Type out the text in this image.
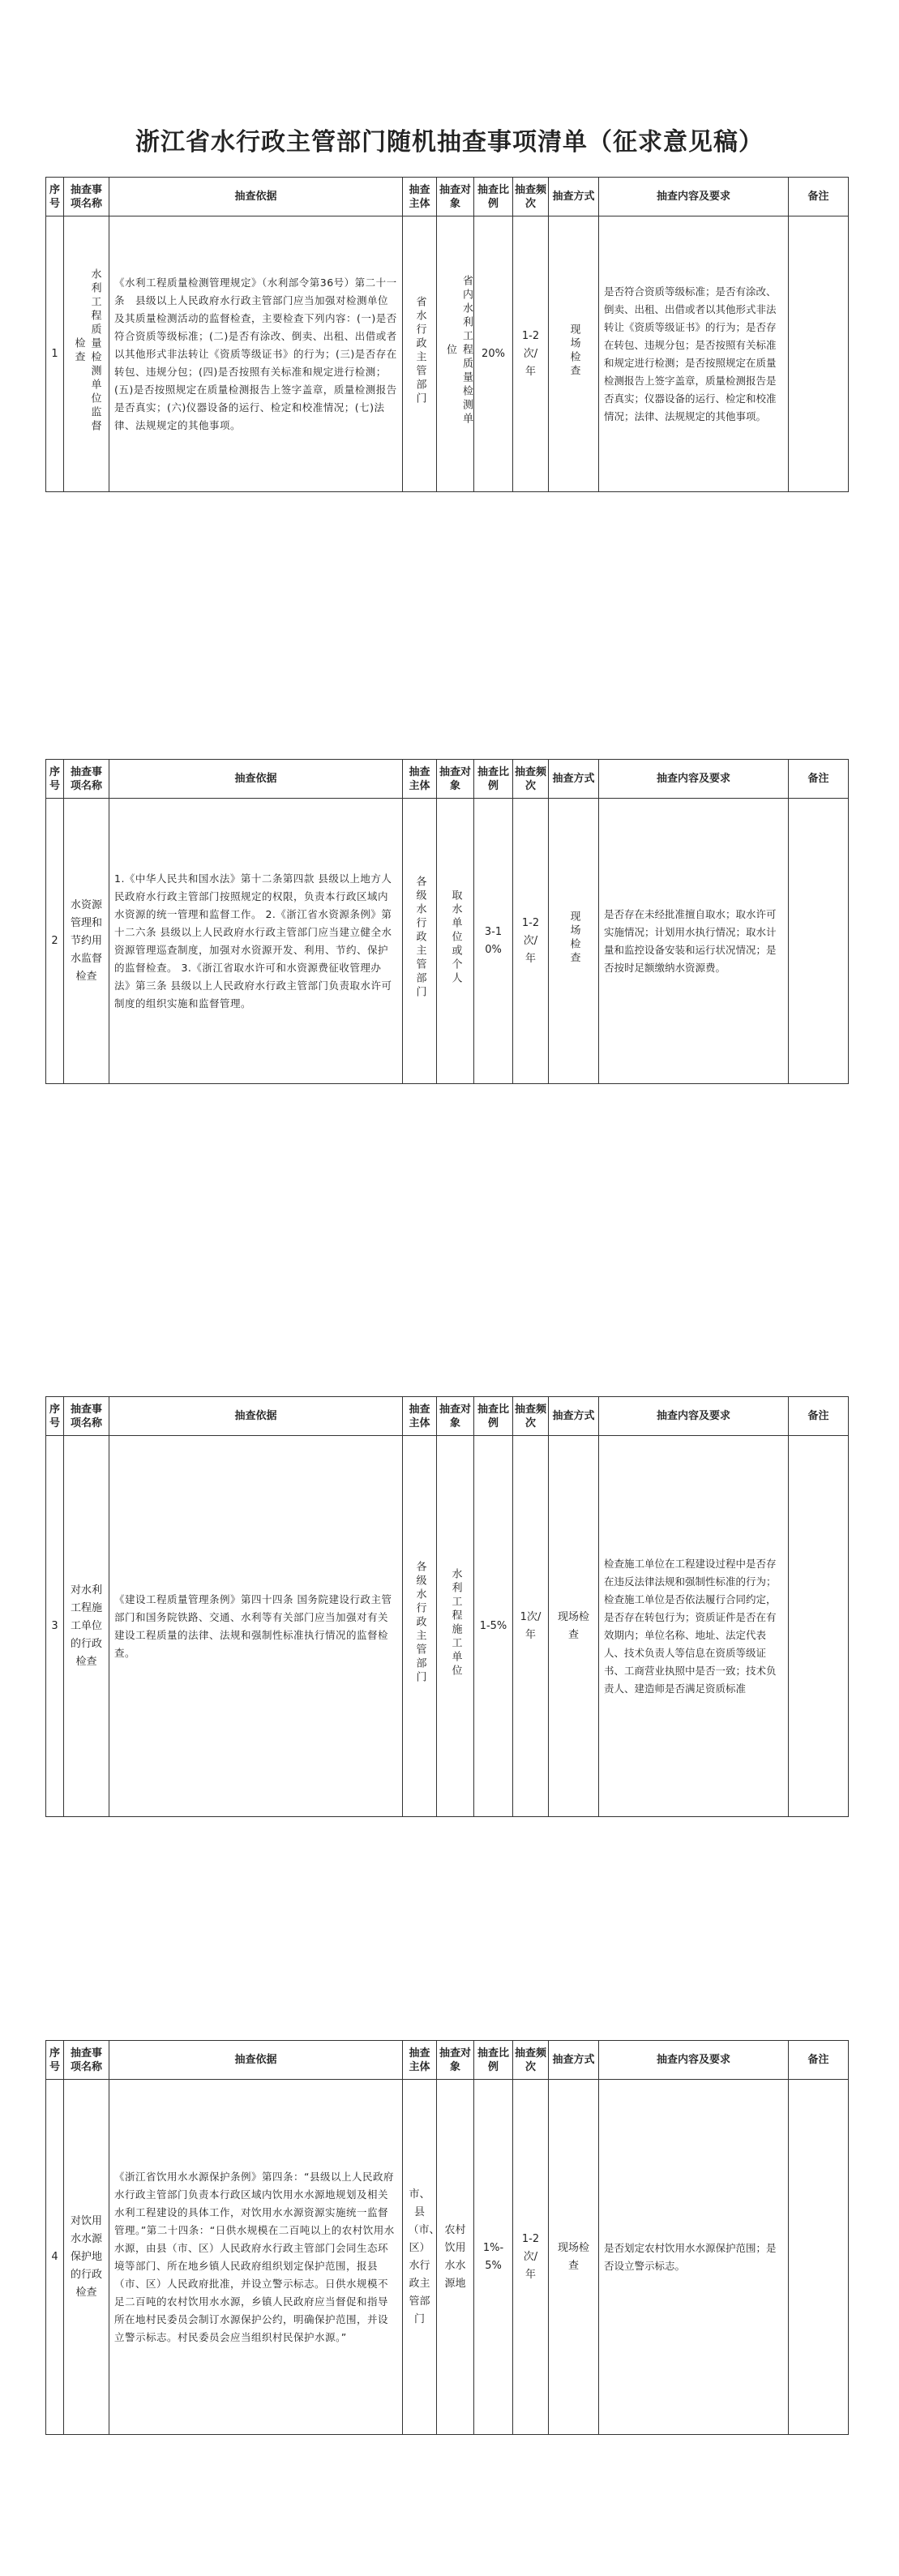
浙江省水行政主管部门随机抽查事项清单（征求意见稿）
序号	抽查事项名称	抽查依据	抽查主体	抽查对象	抽查比例	抽查频次	抽查方式	抽查内容及要求	备注
1	水利工程质量检测单位监督检查	《水利工程质量检测管理规定》（水利部令第36号）第二十一条　县级以上人民政府水行政主管部门应当加强对检测单位及其质量检测活动的监督检查，主要检查下列内容：(一)是否符合资质等级标准；(二)是否有涂改、倒卖、出租、出借或者以其他形式非法转让《资质等级证书》的行为；(三)是否存在转包、违规分包；(四)是否按照有关标准和规定进行检测；(五)是否按照规定在质量检测报告上签字盖章，质量检测报告是否真实；(六)仪器设备的运行、检定和校准情况；(七)法律、法规规定的其他事项。	省水行政主管部门	省内水利工程质量检测单位	20%	1-2次/年	现场检查	是否符合资质等级标准；是否有涂改、倒卖、出租、出借或者以其他形式非法转让《资质等级证书》的行为；是否存在转包、违规分包；是否按照有关标准和规定进行检测；是否按照规定在质量检测报告上签字盖章，质量检测报告是否真实；仪器设备的运行、检定和校准情况；法律、法规规定的其他事项。	
序号	抽查事项名称	抽查依据	抽查主体	抽查对象	抽查比例	抽查频次	抽查方式	抽查内容及要求	备注
2	水资源管理和节约用水监督检查	1.《中华人民共和国水法》第十二条第四款 县级以上地方人民政府水行政主管部门按照规定的权限，负责本行政区域内水资源的统一管理和监督工作。 2.《浙江省水资源条例》第十二六条 县级以上人民政府水行政主管部门应当建立健全水资源管理巡查制度，加强对水资源开发、利用、节约、保护的监督检查。 3.《浙江省取水许可和水资源费征收管理办法》第三条 县级以上人民政府水行政主管部门负责取水许可制度的组织实施和监督管理。	各级水行政主管部门	取水单位或个人	3-10%	1-2次/年	现场检查	是否存在未经批准擅自取水；取水许可实施情况；计划用水执行情况；取水计量和监控设备安装和运行状况情况；是否按时足额缴纳水资源费。	
序号	抽查事项名称	抽查依据	抽查主体	抽查对象	抽查比例	抽查频次	抽查方式	抽查内容及要求	备注
3	对水利工程施工单位的行政检查	《建设工程质量管理条例》第四十四条 国务院建设行政主管部门和国务院铁路、交通、水利等有关部门应当加强对有关建设工程质量的法律、法规和强制性标准执行情况的监督检查。	各级水行政主管部门	水利工程施工单位	1-5%	1次/年	现场检查	检查施工单位在工程建设过程中是否存在违反法律法规和强制性标准的行为；检查施工单位是否依法履行合同约定，是否存在转包行为；资质证件是否在有效期内；单位名称、地址、法定代表人、技术负责人等信息在资质等级证书、工商营业执照中是否一致；技术负责人、建造师是否满足资质标准	
序号	抽查事项名称	抽查依据	抽查主体	抽查对象	抽查比例	抽查频次	抽查方式	抽查内容及要求	备注
4	对饮用水水源保护地的行政检查	《浙江省饮用水水源保护条例》第四条：“县级以上人民政府水行政主管部门负责本行政区域内饮用水水源地规划及相关水利工程建设的具体工作，对饮用水水源资源实施统一监督管理。”第二十四条：“日供水规模在二百吨以上的农村饮用水水源，由县（市、区）人民政府水行政主管部门会同生态环境等部门、所在地乡镇人民政府组织划定保护范围，报县（市、区）人民政府批准，并设立警示标志。日供水规模不足二百吨的农村饮用水水源，乡镇人民政府应当督促和指导所在地村民委员会制订水源保护公约，明确保护范围，并设立警示标志。村民委员会应当组织村民保护水源。”	市、县（市、区）水行政主管部门	农村饮用水水源地	1%-5%	1-2次/年	现场检查	是否划定农村饮用水水源保护范围；是否设立警示标志。	
